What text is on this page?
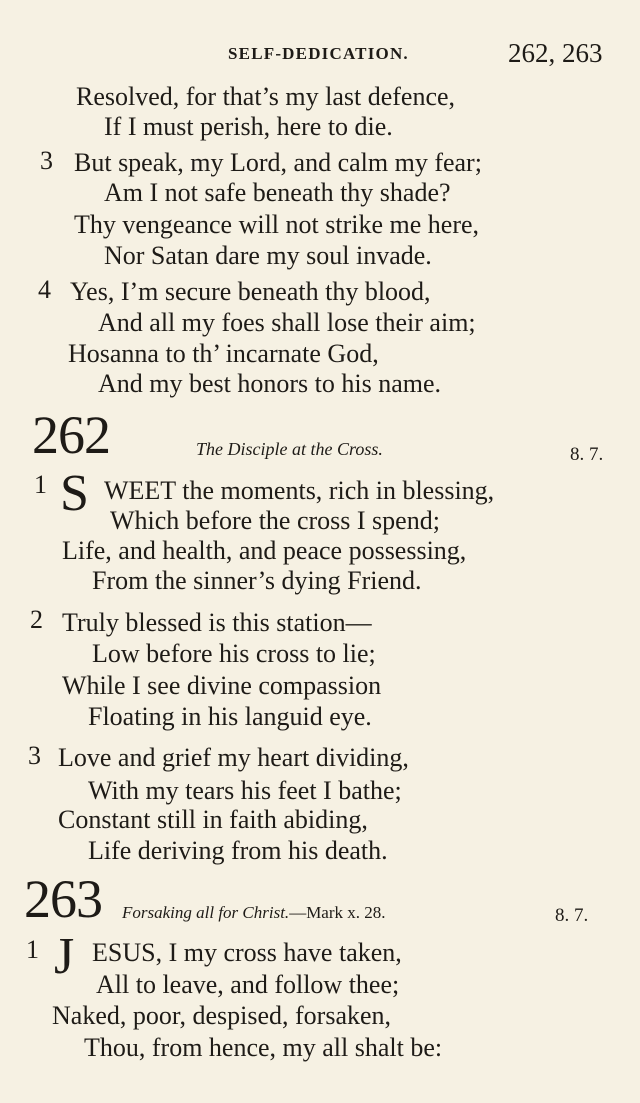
SELF-DEDICATION.	262, 263
Resolved, for that’s my last defence,
If I must perish, here to die.
3 But speak, my Lord, and calm my fear;
Am I not safe beneath thy shade?
Thy vengeance will not strike me here,
Nor Satan dare my soul invade.
4 Yes, I’m secure beneath thy blood,
And all my foes shall lose their aim;
Hosanna to th’ incarnate God,
And my best honors to his name.
262	The Disciple at the Cross.	8. 7.
1 S WEET the moments, rich in blessing,
Which before the cross I spend;
Life, and health, and peace possessing,
From the sinner’s dying Friend.
2 Truly blessed is this station—
Low before his cross to lie;
While I see divine compassion
Floating in his languid eye.
3 Love and grief my heart dividing,
With my tears his feet I bathe;
Constant still in faith abiding,
Life deriving from his death.
263 Forsaking all for Christ.—Mark x. 28.	8. 7.
1 J ESUS, I my cross have taken,
All to leave, and follow thee;
Naked, poor, despised, forsaken,
Thou, from hence, my all shalt be:
